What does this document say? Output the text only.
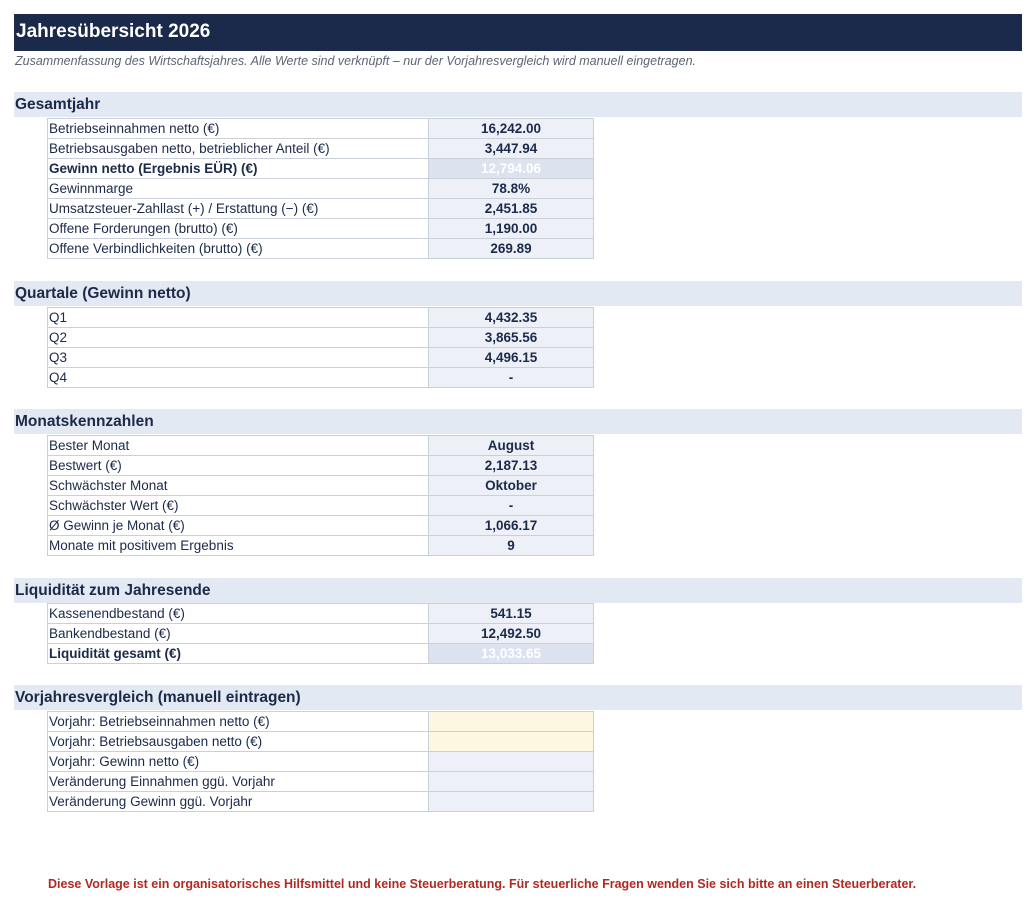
Jahresübersicht 2026
Zusammenfassung des Wirtschaftsjahres. Alle Werte sind verknüpft – nur der Vorjahresvergleich wird manuell eingetragen.
Gesamtjahr
Betriebseinnahmen netto (€)	16,242.00
Betriebsausgaben netto, betrieblicher Anteil (€)	3,447.94
Gewinn netto (Ergebnis EÜR) (€)	12,794.06
Gewinnmarge	78.8%
Umsatzsteuer-Zahllast (+) / Erstattung (−) (€)	2,451.85
Offene Forderungen (brutto) (€)	1,190.00
Offene Verbindlichkeiten (brutto) (€)	269.89
Quartale (Gewinn netto)
Q1	4,432.35
Q2	3,865.56
Q3	4,496.15
Q4	-
Monatskennzahlen
Bester Monat	August
Bestwert (€)	2,187.13
Schwächster Monat	Oktober
Schwächster Wert (€)	-
Ø Gewinn je Monat (€)	1,066.17
Monate mit positivem Ergebnis	9
Liquidität zum Jahresende
Kassenendbestand (€)	541.15
Bankendbestand (€)	12,492.50
Liquidität gesamt (€)	13,033.65
Vorjahresvergleich (manuell eintragen)
Vorjahr: Betriebseinnahmen netto (€)	
Vorjahr: Betriebsausgaben netto (€)	
Vorjahr: Gewinn netto (€)	
Veränderung Einnahmen ggü. Vorjahr	
Veränderung Gewinn ggü. Vorjahr	
Diese Vorlage ist ein organisatorisches Hilfsmittel und keine Steuerberatung. Für steuerliche Fragen wenden Sie sich bitte an einen Steuerberater.
